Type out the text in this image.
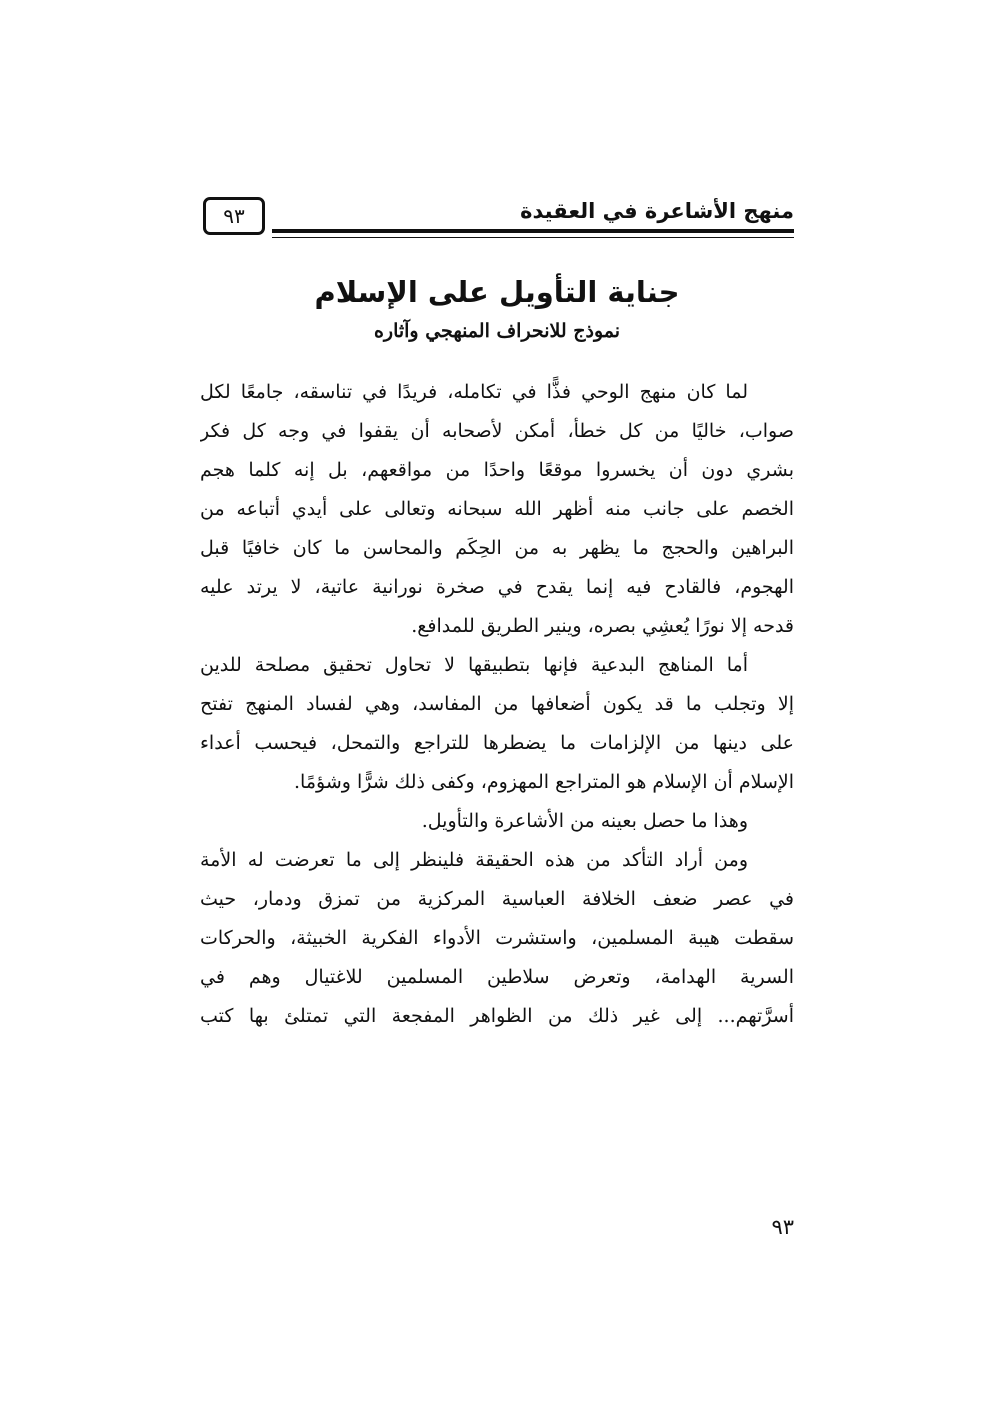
منهج الأشاعرة في العقيدة
٩٣
جناية التأويل على الإسلام
نموذج للانحراف المنهجي وآثاره
لما كان منهج الوحي فذًّا في تكامله، فريدًا في تناسقه، جامعًا لكل
صواب، خاليًا من كل خطأ، أمكن لأصحابه أن يقفوا في وجه كل فكر
بشري دون أن يخسروا موقعًا واحدًا من مواقعهم، بل إنه كلما هجم
الخصم على جانب منه أظهر الله سبحانه وتعالى على أيدي أتباعه من
البراهين والحجج ما يظهر به من الحِكَم والمحاسن ما كان خافيًا قبل
الهجوم، فالقادح فيه إنما يقدح في صخرة نورانية عاتية، لا يرتد عليه
قدحه إلا نورًا يُعشِي بصره، وينير الطريق للمدافع.
أما المناهج البدعية فإنها بتطبيقها لا تحاول تحقيق مصلحة للدين
إلا وتجلب ما قد يكون أضعافها من المفاسد، وهي لفساد المنهج تفتح
على دينها من الإلزامات ما يضطرها للتراجع والتمحل، فيحسب أعداء
الإسلام أن الإسلام هو المتراجع المهزوم، وكفى ذلك شرًّا وشؤمًا.
وهذا ما حصل بعينه من الأشاعرة والتأويل.
ومن أراد التأكد من هذه الحقيقة فلينظر إلى ما تعرضت له الأمة
في عصر ضعف الخلافة العباسية المركزية من تمزق ودمار، حيث
سقطت هيبة المسلمين، واستشرت الأدواء الفكرية الخبيثة، والحركات
السرية الهدامة، وتعرض سلاطين المسلمين للاغتيال وهم في
أسرَّتهم... إلى غير ذلك من الظواهر المفجعة التي تمتلئ بها كتب
٩٣
